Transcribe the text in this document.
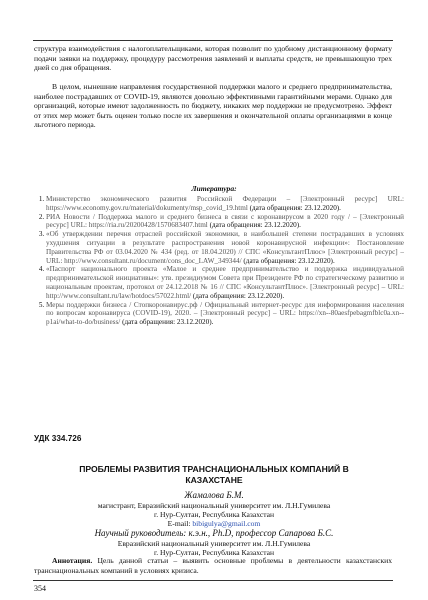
структура взаимодействия с налогоплательщиками, которая позволит по удобному дистанционному формату подачи заявки на поддержку, процедуру рассмотрения заявлений и выплаты средств, не превышающую трех дней со дня обращения.

В целом, нынешние направления государственной поддержки малого и среднего предпринимательства, наиболее пострадавших от COVID-19, являются довольно эффективными гарантийными мерами. Однако для организаций, которые имеют задолженность по бюджету, никаких мер поддержки не предусмотрено. Эффект от этих мер может быть оценен только после их завершения и окончательной оплаты организациями в конце льготного периода.

Литература:
1. Министерство экономического развития Российской Федерации – [Электронный ресурс] URL: https://www.economy.gov.ru/material/dokumenty/msp_covid_19.html (дата обращения: 23.12.2020).
2. РИА Новости / Поддержка малого и среднего бизнеса в связи с коронавирусом в 2020 году / – [Электронный ресурс] URL: https://ria.ru/20200428/1570683407.html (дата обращения: 23.12.2020).
3. «Об утверждении перечня отраслей российской экономики, в наибольшей степени пострадавших в условиях ухудшения ситуации в результате распространения новой коронавирусной инфекции»: Постановление Правительства РФ от 03.04.2020 № 434 (ред. от 18.04.2020) // СПС «КонсультантПлюс» [Электронный ресурс] – URL: http://www.consultant.ru/document/cons_doc_LAW_349344/ (дата обращения: 23.12.2020).
4. «Паспорт национального проекта «Малое и среднее предпринимательство и поддержка индивидуальной предпринимательской инициативы»: утв. президиумом Совета при Президенте РФ по стратегическому развитию и национальным проектам, протокол от 24.12.2018 № 16 // СПС «КонсультантПлюс». [Электронный ресурс] – URL: http://www.consultant.ru/law/hotdocs/57022.html/ (дата обращения: 23.12.2020).
5. Меры поддержки бизнеса / Стопкоронавирус.рф / Официальный интернет-ресурс для информирования населения по вопросам коронавируса (COVID-19), 2020. – [Электронный ресурс] – URL: https://xn--80aesfpebagmfblc0a.xn--p1ai/what-to-do/business/ (дата обращения: 23.12.2020).
УДК 334.726
ПРОБЛЕМЫ РАЗВИТИЯ ТРАНСНАЦИОНАЛЬНЫХ КОМПАНИЙ В
КАЗАХСТАНЕ
Жамалова Б.М.
магистрант, Евразийский национальный университет им. Л.Н.Гумилева
г. Нур-Султан, Республика Казахстан
E-mail: bibigulya@gmail.com
Научный руководитель: к.э.н., Ph.D, профессор Сапарова Б.С.
Евразийский национальный университет им. Л.Н.Гумилева
г. Нур-Султан, Республика Казахстан

Аннотация. Цель данной статьи – выявить основные проблемы в деятельности казахстанских транснациональных компаний в условиях кризиса.

354
